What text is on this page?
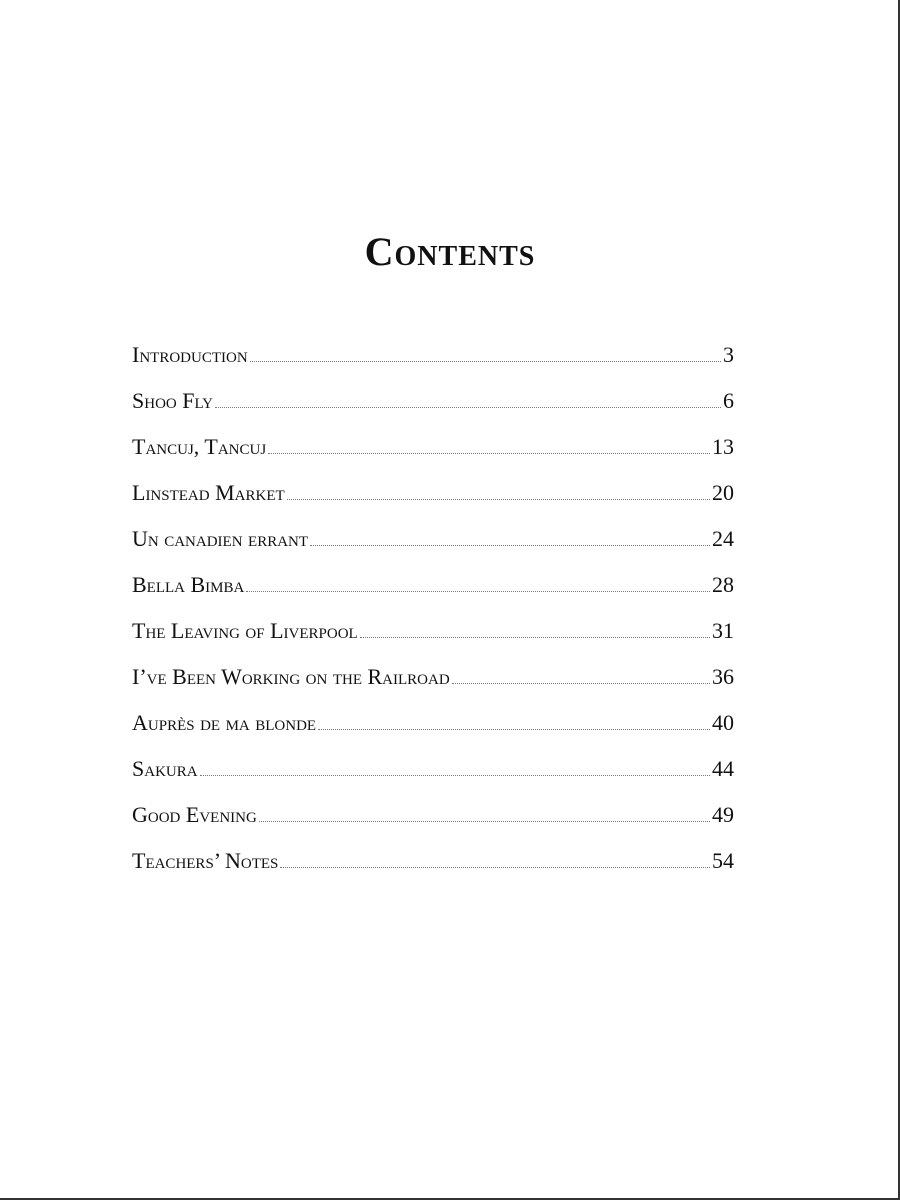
Contents
Introduction	3
Shoo Fly	6
Tancuj, Tancuj	13
Linstead Market	20
Un canadien errant	24
Bella Bimba	28
The Leaving of Liverpool	31
I’ve Been Working on the Railroad	36
Auprès de ma blonde	40
Sakura	44
Good Evening	49
Teachers’ Notes	54
